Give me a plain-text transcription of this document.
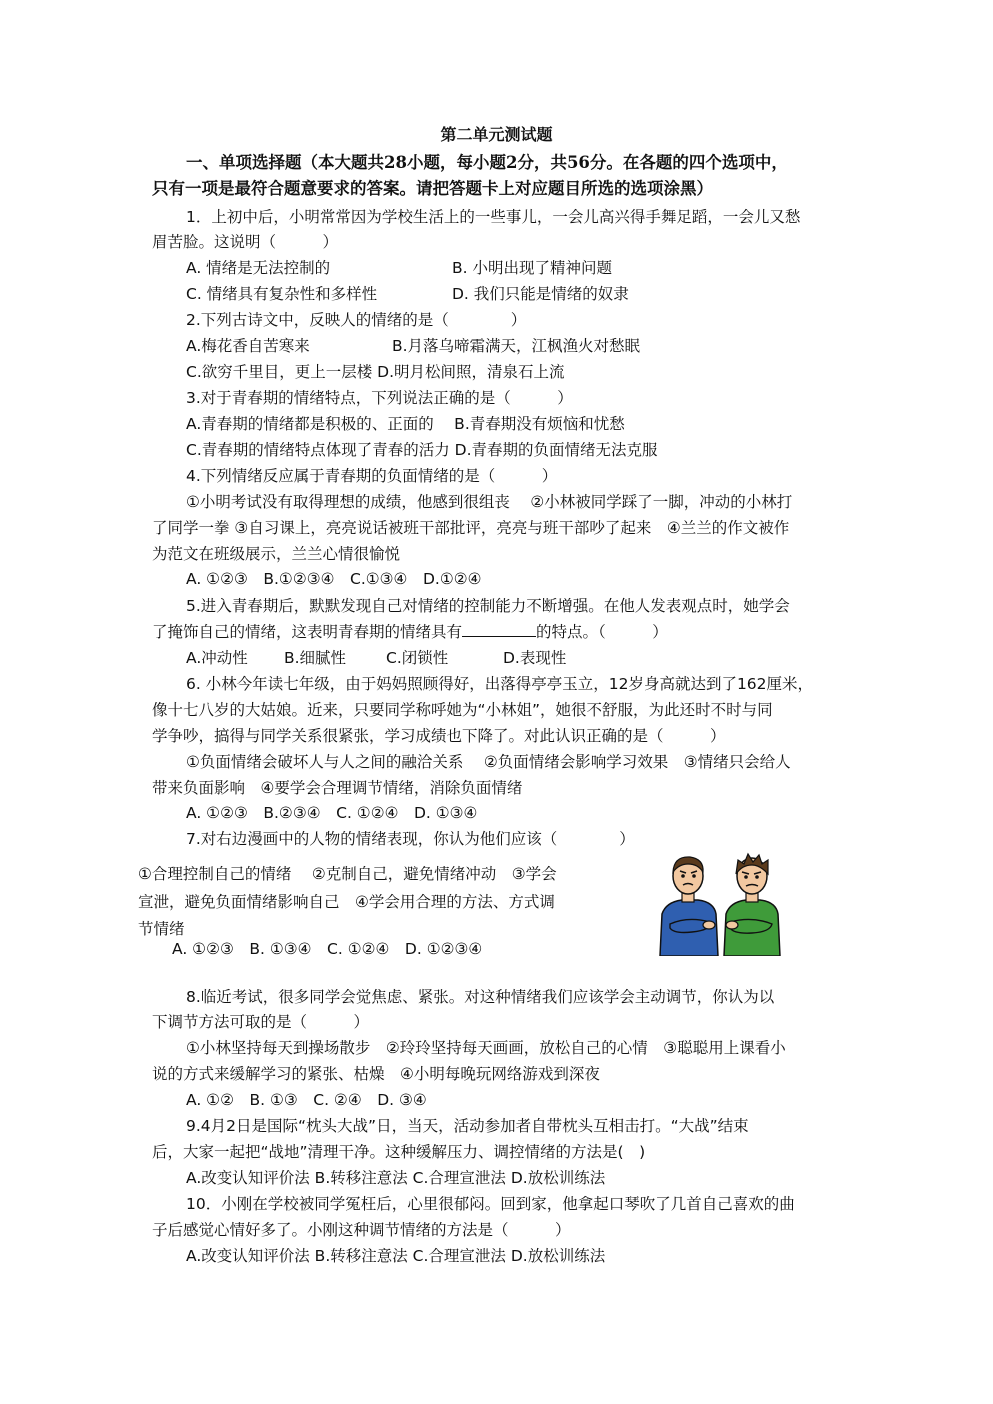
第二单元测试题
一、单项选择题（本大题共28小题，每小题2分，共56分。在各题的四个选项中，
只有一项是最符合题意要求的答案。请把答题卡上对应题目所选的选项涂黑）
1．上初中后，小明常常因为学校生活上的一些事儿，一会儿高兴得手舞足蹈，一会儿又愁
眉苦脸。这说明（　　　）
A. 情绪是无法控制的	B. 小明出现了精神问题
C. 情绪具有复杂性和多样性	D. 我们只能是情绪的奴隶
2.下列古诗文中，反映人的情绪的是（　　　　）
A.梅花香自苦寒来	B.月落乌啼霜满天，江枫渔火对愁眠
C.欲穷千里目，更上一层楼 D.明月松间照，清泉石上流
3.对于青春期的情绪特点，下列说法正确的是（　　　）
A.青春期的情绪都是积极的、正面的　 B.青春期没有烦恼和忧愁
C.青春期的情绪特点体现了青春的活力 D.青春期的负面情绪无法克服
4.下列情绪反应属于青春期的负面情绪的是（　　　）
①小明考试没有取得理想的成绩，他感到很组丧　 ②小林被同学踩了一脚，冲动的小林打
了同学一拳 ③自习课上，亮亮说话被班干部批评，亮亮与班干部吵了起来　④兰兰的作文被作
为范文在班级展示，兰兰心情很愉悦
A. ①②③　B.①②③④　C.①③④　D.①②④
5.进入青春期后，默默发现自己对情绪的控制能力不断增强。在他人发表观点时，她学会
了掩饰自己的情绪，这表明青春期的情绪具有	的特点。（　　　）
A.冲动性 B.细腻性	C.闭锁性	D.表现性
6. 小林今年读七年级，由于妈妈照顾得好，出落得亭亭玉立，12岁身高就达到了162厘米，
像十七八岁的大姑娘。近来，只要同学称呼她为“小林姐”，她很不舒服，为此还时不时与同
学争吵，搞得与同学关系很紧张，学习成绩也下降了。对此认识正确的是（　　　）
①负面情绪会破坏人与人之间的融洽关系　 ②负面情绪会影响学习效果　③情绪只会给人
带来负面影响　④要学会合理调节情绪，消除负面情绪
A. ①②③　B.②③④　C. ①②④　D. ①③④
7.对右边漫画中的人物的情绪表现，你认为他们应该（　　　　）
①合理控制自己的情绪　 ②克制自己，避免情绪冲动　③学会
宣泄，避免负面情绪影响自己　④学会用合理的方法、方式调
节情绪
A. ①②③　B. ①③④　C. ①②④　D. ①②③④
8.临近考试，很多同学会觉焦虑、紧张。对这种情绪我们应该学会主动调节，你认为以
下调节方法可取的是（　　　）
①小林坚持每天到操场散步　②玲玲坚持每天画画，放松自己的心情　③聪聪用上课看小
说的方式来缓解学习的紧张、枯燥　④小明每晚玩网络游戏到深夜
A. ①②　B. ①③　C. ②④　D. ③④
9.4月2日是国际“枕头大战”日，当天，活动参加者自带枕头互相击打。“大战”结束
后，大家一起把“战地”清理干净。这种缓解压力、调控情绪的方法是(　)
A.改变认知评价法 B.转移注意法 C.合理宣泄法 D.放松训练法
10．小刚在学校被同学冤枉后，心里很郁闷。回到家，他拿起口琴吹了几首自己喜欢的曲
子后感觉心情好多了。小刚这种调节情绪的方法是（　　　）
A.改变认知评价法 B.转移注意法 C.合理宣泄法 D.放松训练法
